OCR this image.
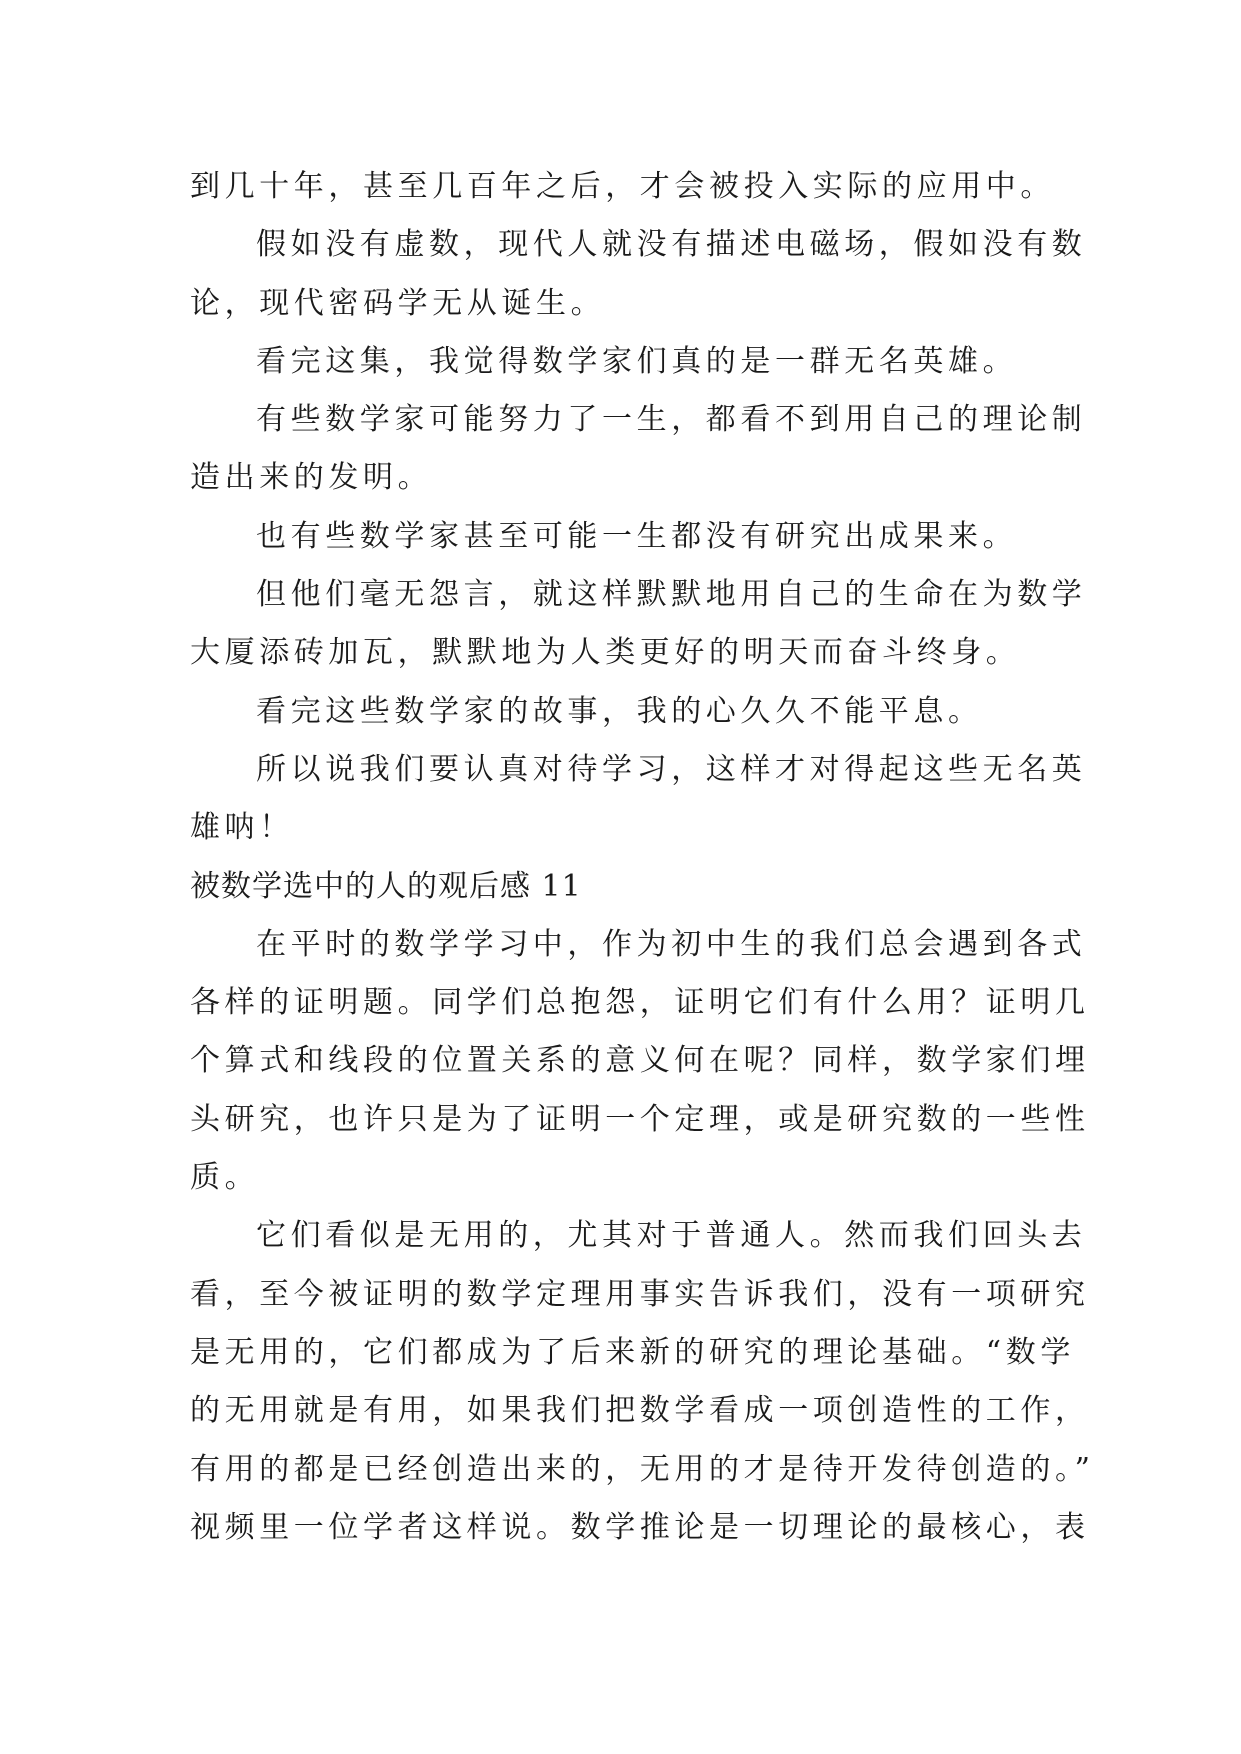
到几十年，甚至几百年之后，才会被投入实际的应用中。
假如没有虚数，现代人就没有描述电磁场，假如没有数
论，现代密码学无从诞生。
看完这集，我觉得数学家们真的是一群无名英雄。
有些数学家可能努力了一生，都看不到用自己的理论制
造出来的发明。
也有些数学家甚至可能一生都没有研究出成果来。
但他们毫无怨言，就这样默默地用自己的生命在为数学
大厦添砖加瓦，默默地为人类更好的明天而奋斗终身。
看完这些数学家的故事，我的心久久不能平息。
所以说我们要认真对待学习，这样才对得起这些无名英
雄呐！
被数学选中的人的观后感 11
在平时的数学学习中，作为初中生的我们总会遇到各式
各样的证明题。同学们总抱怨，证明它们有什么用？证明几
个算式和线段的位置关系的意义何在呢？同样，数学家们埋
头研究，也许只是为了证明一个定理，或是研究数的一些性
质。
它们看似是无用的，尤其对于普通人。然而我们回头去
看，至今被证明的数学定理用事实告诉我们，没有一项研究
是无用的，它们都成为了后来新的研究的理论基础。“数学
的无用就是有用，如果我们把数学看成一项创造性的工作，
有用的都是已经创造出来的，无用的才是待开发待创造的。”
视频里一位学者这样说。数学推论是一切理论的最核心，表
